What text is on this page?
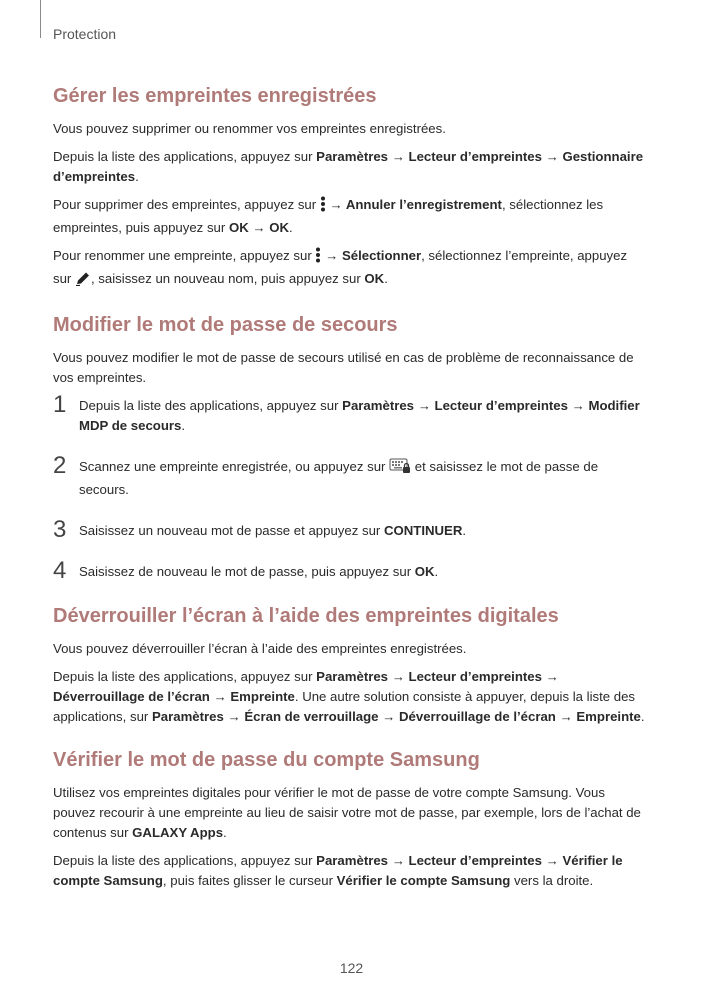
Protection
Gérer les empreintes enregistrées

Vous pouvez supprimer ou renommer vos empreintes enregistrées.

Depuis la liste des applications, appuyez sur Paramètres → Lecteur d’empreintes → Gestionnaire d’empreintes.

Pour supprimer des empreintes, appuyez sur  → Annuler l’enregistrement, sélectionnez les empreintes, puis appuyez sur OK → OK.

Pour renommer une empreinte, appuyez sur  → Sélectionner, sélectionnez l’empreinte, appuyez sur , saisissez un nouveau nom, puis appuyez sur OK.

Modifier le mot de passe de secours

Vous pouvez modifier le mot de passe de secours utilisé en cas de problème de reconnaissance de vos empreintes.

1 Depuis la liste des applications, appuyez sur Paramètres → Lecteur d’empreintes → Modifier MDP de secours.
2 Scannez une empreinte enregistrée, ou appuyez sur  et saisissez le mot de passe de secours.
3 Saisissez un nouveau mot de passe et appuyez sur CONTINUER.
4 Saisissez de nouveau le mot de passe, puis appuyez sur OK.
Déverrouiller l’écran à l’aide des empreintes digitales

Vous pouvez déverrouiller l’écran à l’aide des empreintes enregistrées.

Depuis la liste des applications, appuyez sur Paramètres → Lecteur d’empreintes → Déverrouillage de l’écran → Empreinte. Une autre solution consiste à appuyer, depuis la liste des applications, sur Paramètres → Écran de verrouillage → Déverrouillage de l’écran → Empreinte.

Vérifier le mot de passe du compte Samsung

Utilisez vos empreintes digitales pour vérifier le mot de passe de votre compte Samsung. Vous pouvez recourir à une empreinte au lieu de saisir votre mot de passe, par exemple, lors de l’achat de contenus sur GALAXY Apps.

Depuis la liste des applications, appuyez sur Paramètres → Lecteur d’empreintes → Vérifier le compte Samsung, puis faites glisser le curseur Vérifier le compte Samsung vers la droite.

122
